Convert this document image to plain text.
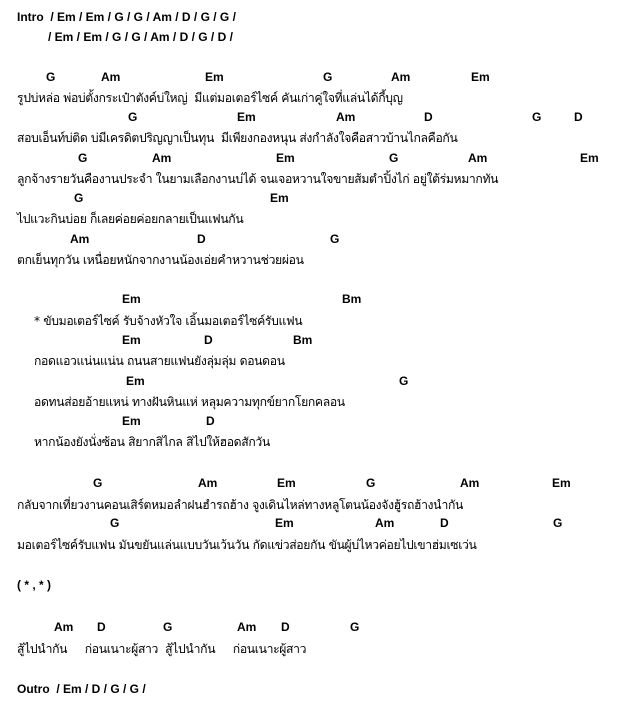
Intro  / Em / Em / G / G / Am / D / G / G /
/ Em / Em / G / G / Am / D / G / D /
G	Am	Em	G	Am	Em
รูปบ่หล่อ พ่อบ่ตั้งกระเป๋าตังค์บ่ใหญ่  มีแต่มอเตอร์ไซค์ คันเก่าคู่ใจที่แล่นได้กี้บุญ
G	Em	Am	D	G	D
สอบเอ็นท์บ่ติด บ่มีเครดิตปริญญาเป็นทุน  มีเพียงกองหนุน ส่งกำลังใจคือสาวบ้านไกลคือกัน
G	Am	Em	G	Am	Em
ลูกจ้างรายวันคืองานประจำ ในยามเลือกงานบ่ได้ จนเจอหวานใจขายส้มตำปิ้งไก่ อยู่ใต้ร่มหมากทัน
G	Em
ไปแวะกินบ่อย ก็เลยค่อยค่อยกลายเป็นแฟนกัน
Am	D	G
ตกเย็นทุกวัน เหนื่อยหนักจากงานน้องเอ่ยคำหวานช่วยผ่อน
Em	Bm
* ขับมอเตอร์ไซค์ รับจ้างหัวใจ เอิ้นมอเตอร์ไซค์รับแฟน
Em	D	Bm
กอดแอวแน่นแน่น ถนนสายแฟนยังลุ่มลุ่ม ดอนดอน
Em	G
อดทนส่อยอ้ายแหน่ ทางฝันหินแห่ หลุมความทุกข์ยากโยกคลอน
Em	D
หากน้องยังนั่งซ้อน สิยากสิไกล สิไปให้ฮอดสักวัน
G	Am	Em	G	Am	Em
กลับจากเที่ยวงานคอนเสิร์ตหมอลำฝนฮำรถฮ้าง จูงเดินไหล่ทางหลูโตนน้องจังฮู้รถฮ้างนำกัน
G	Em	Am	D	G
มอเตอร์ไซค์รับแฟน มันขยันแล่นแบบวันเว้นวัน กัดแข่วส่อยกัน ขันผู้บ่ไหวค่อยไปเขาฮ่มเซเว่น
( * , * )
Am D	G	Am D	G
สู้ไปนำกัน     ก่อนเนาะผู้สาว  สู้ไปนำกัน     ก่อนเนาะผู้สาว
Outro  / Em / D / G / G /
